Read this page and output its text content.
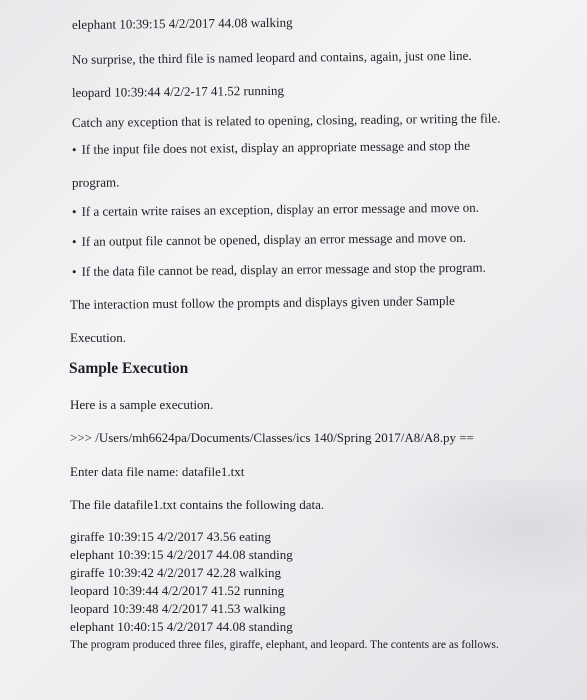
elephant 10:39:15 4/2/2017 44.08 walking
No surprise, the third file is named leopard and contains, again, just one line.
leopard 10:39:44 4/2/2-17 41.52 running
Catch any exception that is related to opening, closing, reading, or writing the file.
• If the input file does not exist, display an appropriate message and stop the
program.
• If a certain write raises an exception, display an error message and move on.
• If an output file cannot be opened, display an error message and move on.
• If the data file cannot be read, display an error message and stop the program.
The interaction must follow the prompts and displays given under Sample
Execution.
Sample Execution
Here is a sample execution.
>>> /Users/mh6624pa/Documents/Classes/ics 140/Spring 2017/A8/A8.py ==
Enter data file name: datafile1.txt
The file datafile1.txt contains the following data.
giraffe 10:39:15 4/2/2017 43.56 eating
elephant 10:39:15 4/2/2017 44.08 standing
giraffe 10:39:42 4/2/2017 42.28 walking
leopard 10:39:44 4/2/2017 41.52 running
leopard 10:39:48 4/2/2017 41.53 walking
elephant 10:40:15 4/2/2017 44.08 standing
The program produced three files, giraffe, elephant, and leopard. The contents are as follows.
